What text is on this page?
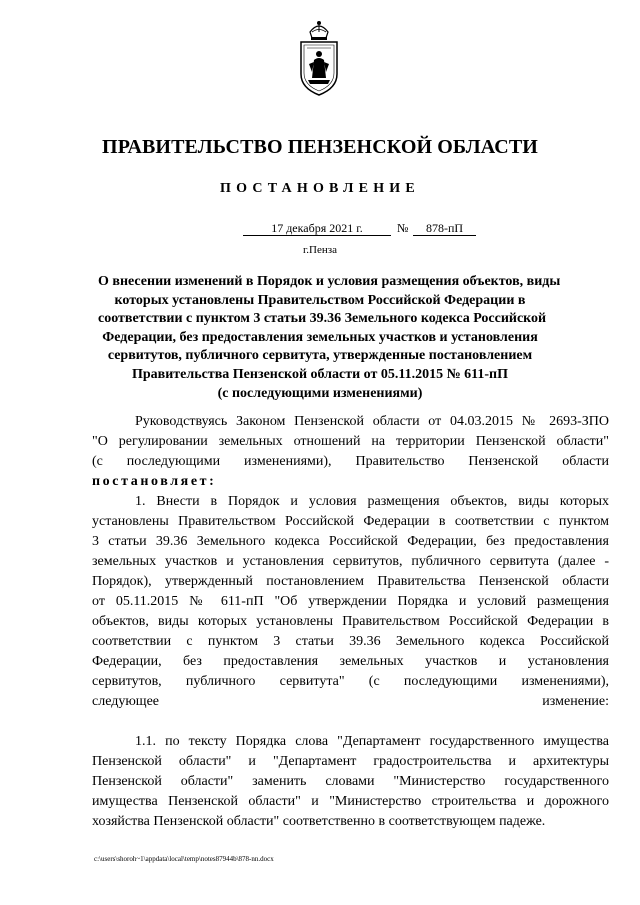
ПРАВИТЕЛЬСТВО ПЕНЗЕНСКОЙ ОБЛАСТИ
ПОСТАНОВЛЕНИЕ
17 декабря 2021 г.	№	878-пП
г.Пенза
О внесении изменений в Порядок и условия размещения объектов, виды
которых установлены Правительством Российской Федерации в
соответствии с пунктом 3 статьи 39.36 Земельного кодекса Российской
Федерации, без предоставления земельных участков и установления
сервитутов, публичного сервитута, утвержденные постановлением
Правительства Пензенской области от 05.11.2015 № 611-пП
(с последующими изменениями)
Руководствуясь Законом Пензенской области от 04.03.2015 № 2693-ЗПО
"О регулировании земельных отношений на территории Пензенской области"
(с последующими изменениями), Правительство Пензенской области
постановляет:
1. Внести в Порядок и условия размещения объектов, виды которых
установлены Правительством Российской Федерации в соответствии с пунктом
3 статьи 39.36 Земельного кодекса Российской Федерации, без предоставления
земельных участков и установления сервитутов, публичного сервитута (далее -
Порядок), утвержденный постановлением Правительства Пензенской области
от 05.11.2015 № 611-пП "Об утверждении Порядка и условий размещения
объектов, виды которых установлены Правительством Российской Федерации в
соответствии с пунктом 3 статьи 39.36 Земельного кодекса Российской
Федерации, без предоставления земельных участков и установления
сервитутов, публичного сервитута" (с последующими изменениями),
следующее изменение:
1.1. по тексту Порядка слова "Департамент государственного имущества
Пензенской области" и "Департамент градостроительства и архитектуры
Пензенской области" заменить словами "Министерство государственного
имущества Пензенской области" и "Министерство строительства и дорожного
хозяйства Пензенской области" соответственно в соответствующем падеже.
c:\users\shoroh~1\appdata\local\temp\notes87944b\878-nn.docx
